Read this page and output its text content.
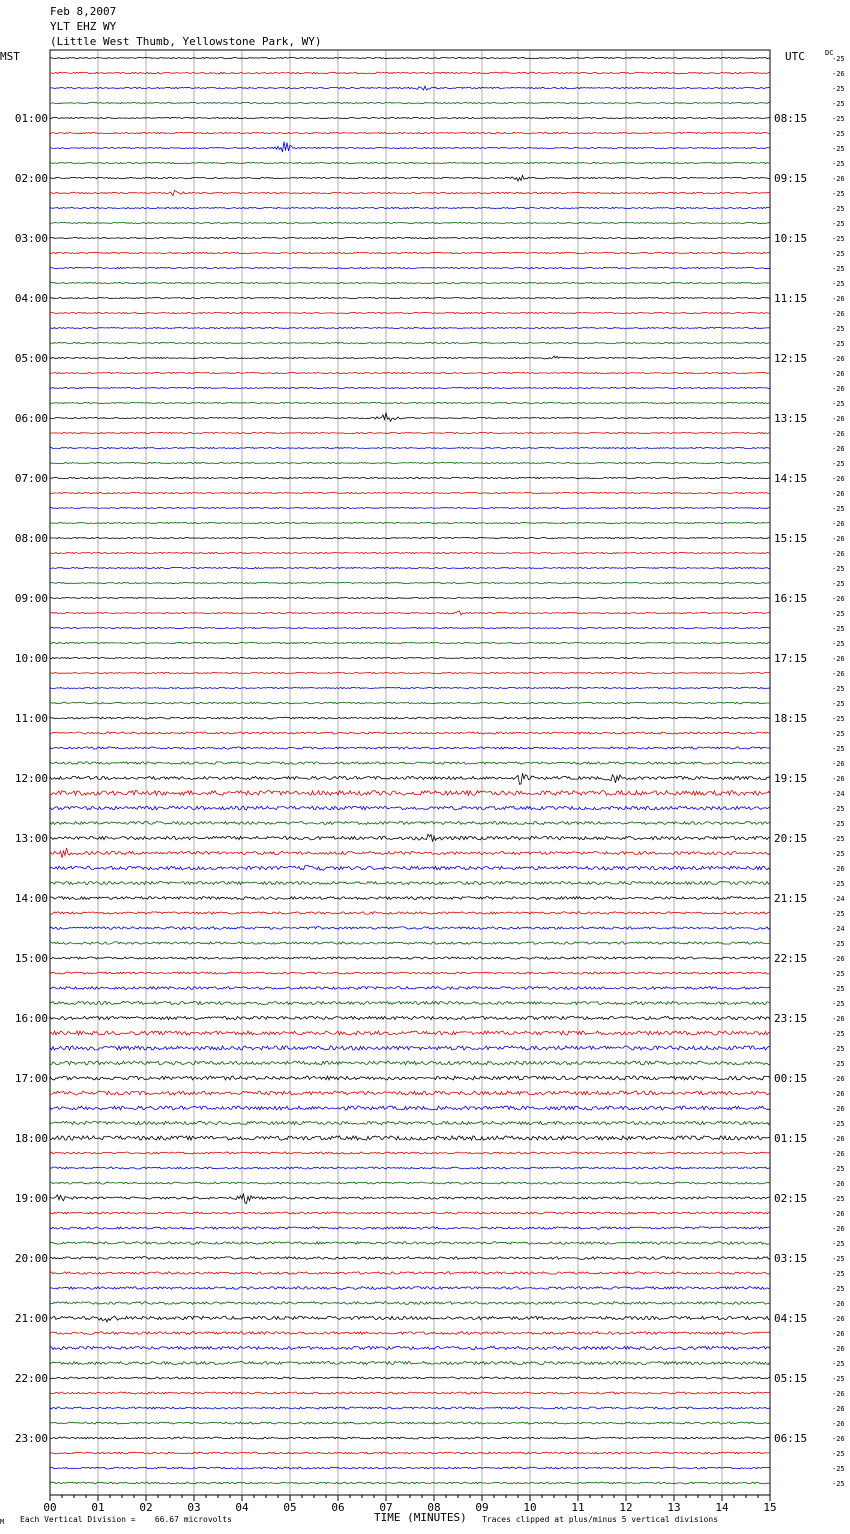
Feb 8,2007
YLT EHZ WY
(Little West Thumb, Yellowstone Park, WY)
MST	UTC	DC
01:00
02:00
03:00
04:00
05:00
06:00
07:00
08:00
09:00
10:00
11:00
12:00
13:00
14:00
15:00
16:00
17:00
18:00
19:00
20:00
21:00
22:00
23:00
08:15
09:15
10:15
11:15
12:15
13:15
14:15
15:15
16:15
17:15
18:15
19:15
20:15
21:15
22:15
23:15
00:15
01:15
02:15
03:15
04:15
05:15
06:15
-25
-26
-25
-25
-25
-25
-25
-25
-26
-25
-25
-25
-25
-25
-25
-25
-26
-26
-25
-25
-26
-26
-26
-25
-26
-26
-26
-25
-26
-26
-25
-26
-26
-26
-25
-25
-26
-25
-25
-25
-26
-26
-25
-25
-25
-25
-25
-26
-26
-24
-25
-25
-25
-25
-26
-25
-24
-25
-24
-25
-26
-25
-25
-25
-26
-25
-25
-25
-26
-26
-26
-25
-26
-26
-25
-26
-25
-26
-26
-25
-25
-25
-25
-26
-26
-26
-26
-25
-25
-26
-26
-26
-26
-25
-25
-25
00	01	02	03	04	05	06	07	08	09	10	11	12	13	14	15
M Each Vertical Division =    66.67 microvolts	TIME (MINUTES) Traces clipped at plus/minus 5 vertical divisions
